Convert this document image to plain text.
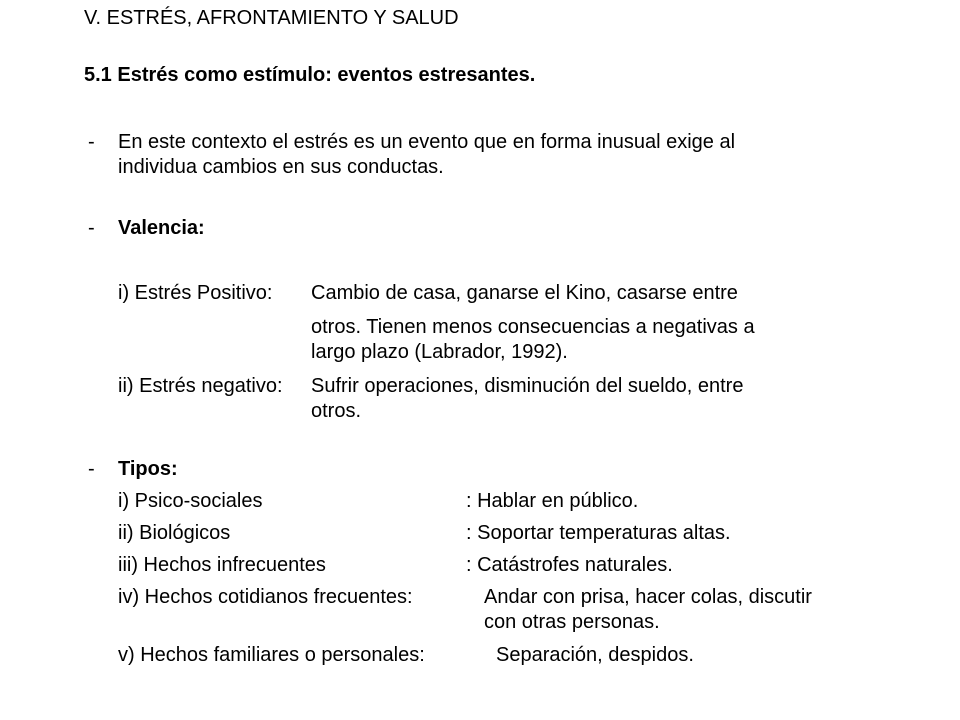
V. ESTRÉS, AFRONTAMIENTO Y SALUD
5.1 Estrés como estímulo: eventos estresantes.
- En este contexto el estrés es un evento que en forma inusual exige al
individua cambios en sus conductas.
- Valencia:
i) Estrés Positivo: Cambio de casa, ganarse el Kino, casarse entre
otros. Tienen menos consecuencias a negativas a
largo plazo (Labrador, 1992).
ii) Estrés negativo: Sufrir operaciones, disminución del sueldo, entre
otros.
- Tipos:
i) Psico-sociales	: Hablar en público.
ii) Biológicos	: Soportar temperaturas altas.
iii) Hechos infrecuentes	: Catástrofes naturales.
iv) Hechos cotidianos frecuentes:	Andar con prisa, hacer colas, discutir
con otras personas.
v) Hechos familiares o personales:	Separación, despidos.
